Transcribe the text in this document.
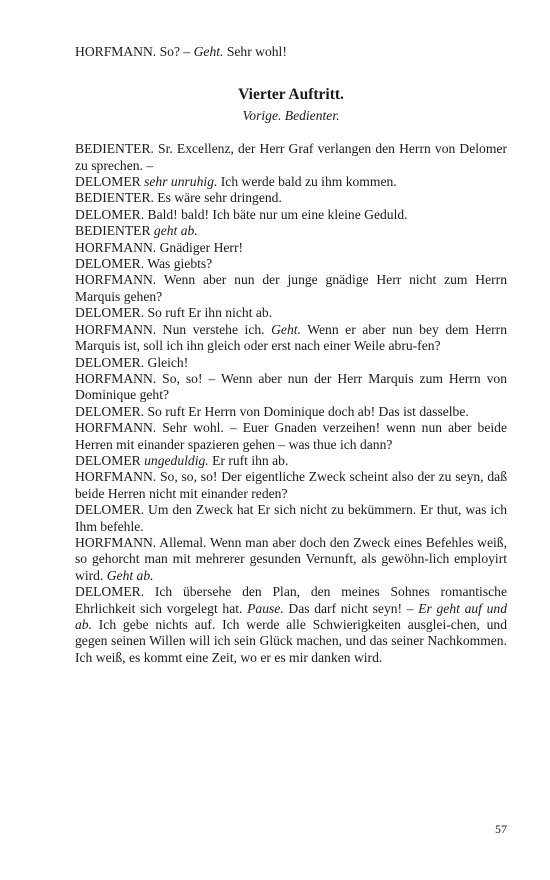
HORFMANN. So? – Geht. Sehr wohl!

Vierter Auftritt.
Vorige. Bedienter.

BEDIENTER. Sr. Excellenz, der Herr Graf verlangen den Herrn von Delomer zu sprechen. –

DELOMER sehr unruhig. Ich werde bald zu ihm kommen.

BEDIENTER. Es wäre sehr dringend.

DELOMER. Bald! bald! Ich bäte nur um eine kleine Geduld.

BEDIENTER geht ab.

HORFMANN. Gnädiger Herr!

DELOMER. Was giebts?

HORFMANN. Wenn aber nun der junge gnädige Herr nicht zum Herrn Marquis gehen?

DELOMER. So ruft Er ihn nicht ab.

HORFMANN. Nun verstehe ich. Geht. Wenn er aber nun bey dem Herrn Marquis ist, soll ich ihn gleich oder erst nach einer Weile abru-fen?

DELOMER. Gleich!

HORFMANN. So, so! – Wenn aber nun der Herr Marquis zum Herrn von Dominique geht?

DELOMER. So ruft Er Herrn von Dominique doch ab! Das ist dasselbe.

HORFMANN. Sehr wohl. – Euer Gnaden verzeihen! wenn nun aber beide Herren mit einander spazieren gehen – was thue ich dann?

DELOMER ungeduldig. Er ruft ihn ab.

HORFMANN. So, so, so! Der eigentliche Zweck scheint also der zu seyn, daß beide Herren nicht mit einander reden?

DELOMER. Um den Zweck hat Er sich nicht zu bekümmern. Er thut, was ich Ihm befehle.

HORFMANN. Allemal. Wenn man aber doch den Zweck eines Befehles weiß, so gehorcht man mit mehrerer gesunden Vernunft, als gewöhn-lich employirt wird. Geht ab.

DELOMER. Ich übersehe den Plan, den meines Sohnes romantische Ehrlichkeit sich vorgelegt hat. Pause. Das darf nicht seyn! – Er geht auf und ab. Ich gebe nichts auf. Ich werde alle Schwierigkeiten ausglei-chen, und gegen seinen Willen will ich sein Glück machen, und das seiner Nachkommen. Ich weiß, es kommt eine Zeit, wo er es mir danken wird.

57
